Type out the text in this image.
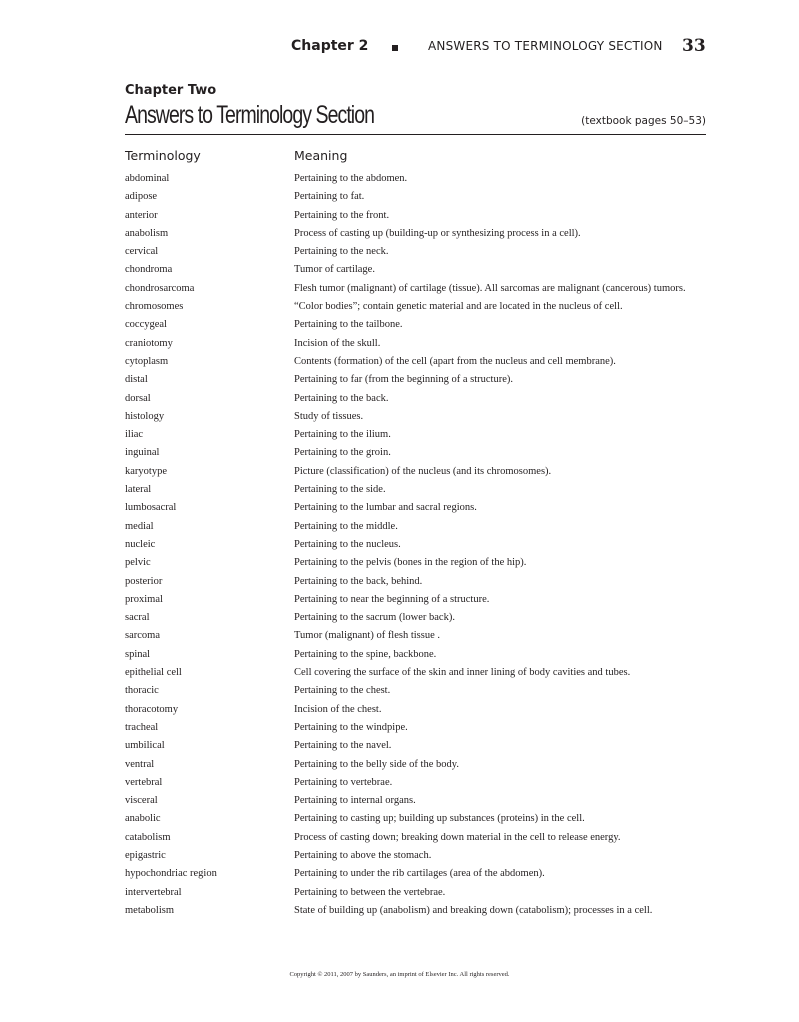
Chapter 2	ANSWERS TO TERMINOLOGY SECTION 33
Chapter Two
Answers to Terminology Section	(textbook pages 50–53)
Terminology	Meaning
abdominal	Pertaining to the abdomen.
adipose	Pertaining to fat.
anterior	Pertaining to the front.
anabolism	Process of casting up (building-up or synthesizing process in a cell).
cervical	Pertaining to the neck.
chondroma	Tumor of cartilage.
chondrosarcoma	Flesh tumor (malignant) of cartilage (tissue). All sarcomas are malignant (cancerous) tumors.
chromosomes	“Color bodies”; contain genetic material and are located in the nucleus of cell.
coccygeal	Pertaining to the tailbone.
craniotomy	Incision of the skull.
cytoplasm	Contents (formation) of the cell (apart from the nucleus and cell membrane).
distal	Pertaining to far (from the beginning of a structure).
dorsal	Pertaining to the back.
histology	Study of tissues.
iliac	Pertaining to the ilium.
inguinal	Pertaining to the groin.
karyotype	Picture (classification) of the nucleus (and its chromosomes).
lateral	Pertaining to the side.
lumbosacral	Pertaining to the lumbar and sacral regions.
medial	Pertaining to the middle.
nucleic	Pertaining to the nucleus.
pelvic	Pertaining to the pelvis (bones in the region of the hip).
posterior	Pertaining to the back, behind.
proximal	Pertaining to near the beginning of a structure.
sacral	Pertaining to the sacrum (lower back).
sarcoma	Tumor (malignant) of flesh tissue .
spinal	Pertaining to the spine, backbone.
epithelial cell	Cell covering the surface of the skin and inner lining of body cavities and tubes.
thoracic	Pertaining to the chest.
thoracotomy	Incision of the chest.
tracheal	Pertaining to the windpipe.
umbilical	Pertaining to the navel.
ventral	Pertaining to the belly side of the body.
vertebral	Pertaining to vertebrae.
visceral	Pertaining to internal organs.
anabolic	Pertaining to casting up; building up substances (proteins) in the cell.
catabolism	Process of casting down; breaking down material in the cell to release energy.
epigastric	Pertaining to above the stomach.
hypochondriac region	Pertaining to under the rib cartilages (area of the abdomen).
intervertebral	Pertaining to between the vertebrae.
metabolism	State of building up (anabolism) and breaking down (catabolism); processes in a cell.
Copyright © 2011, 2007 by Saunders, an imprint of Elsevier Inc. All rights reserved.
